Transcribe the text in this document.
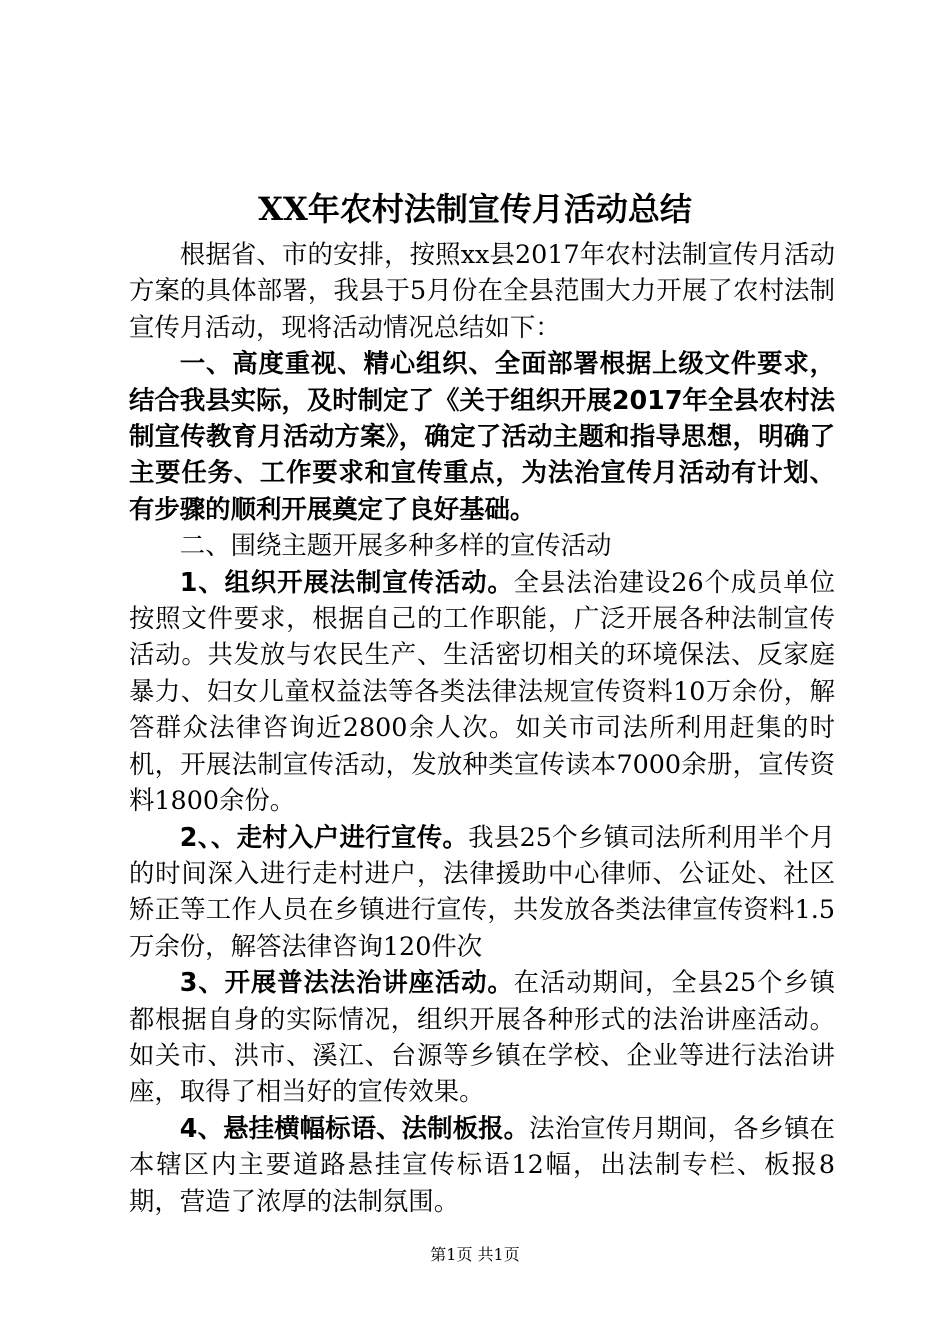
XX年农村法制宣传月活动总结

根据省、市的安排，按照xx县2017年农村法制宣传月活动方案的具体部署，我县于5月份在全县范围大力开展了农村法制宣传月活动，现将活动情况总结如下：

一、高度重视、精心组织、全面部署根据上级文件要求，结合我县实际，及时制定了《关于组织开展2017年全县农村法制宣传教育月活动方案》，确定了活动主题和指导思想，明确了主要任务、工作要求和宣传重点，为法治宣传月活动有计划、有步骤的顺利开展奠定了良好基础。

二、围绕主题开展多种多样的宣传活动

1、组织开展法制宣传活动。全县法治建设26个成员单位按照文件要求，根据自己的工作职能，广泛开展各种法制宣传活动。共发放与农民生产、生活密切相关的环境保法、反家庭暴力、妇女儿童权益法等各类法律法规宣传资料10万余份，解答群众法律咨询近2800余人次。如关市司法所利用赶集的时机，开展法制宣传活动，发放种类宣传读本7000余册，宣传资料1800余份。

2、、走村入户进行宣传。我县25个乡镇司法所利用半个月的时间深入进行走村进户，法律援助中心律师、公证处、社区矫正等工作人员在乡镇进行宣传，共发放各类法律宣传资料1.5万余份，解答法律咨询120件次

3、开展普法法治讲座活动。在活动期间，全县25个乡镇都根据自身的实际情况，组织开展各种形式的法治讲座活动。如关市、洪市、溪江、台源等乡镇在学校、企业等进行法治讲座，取得了相当好的宣传效果。

4、悬挂横幅标语、法制板报。法治宣传月期间，各乡镇在本辖区内主要道路悬挂宣传标语12幅，出法制专栏、板报8期，营造了浓厚的法制氛围。

第1页 共1页
